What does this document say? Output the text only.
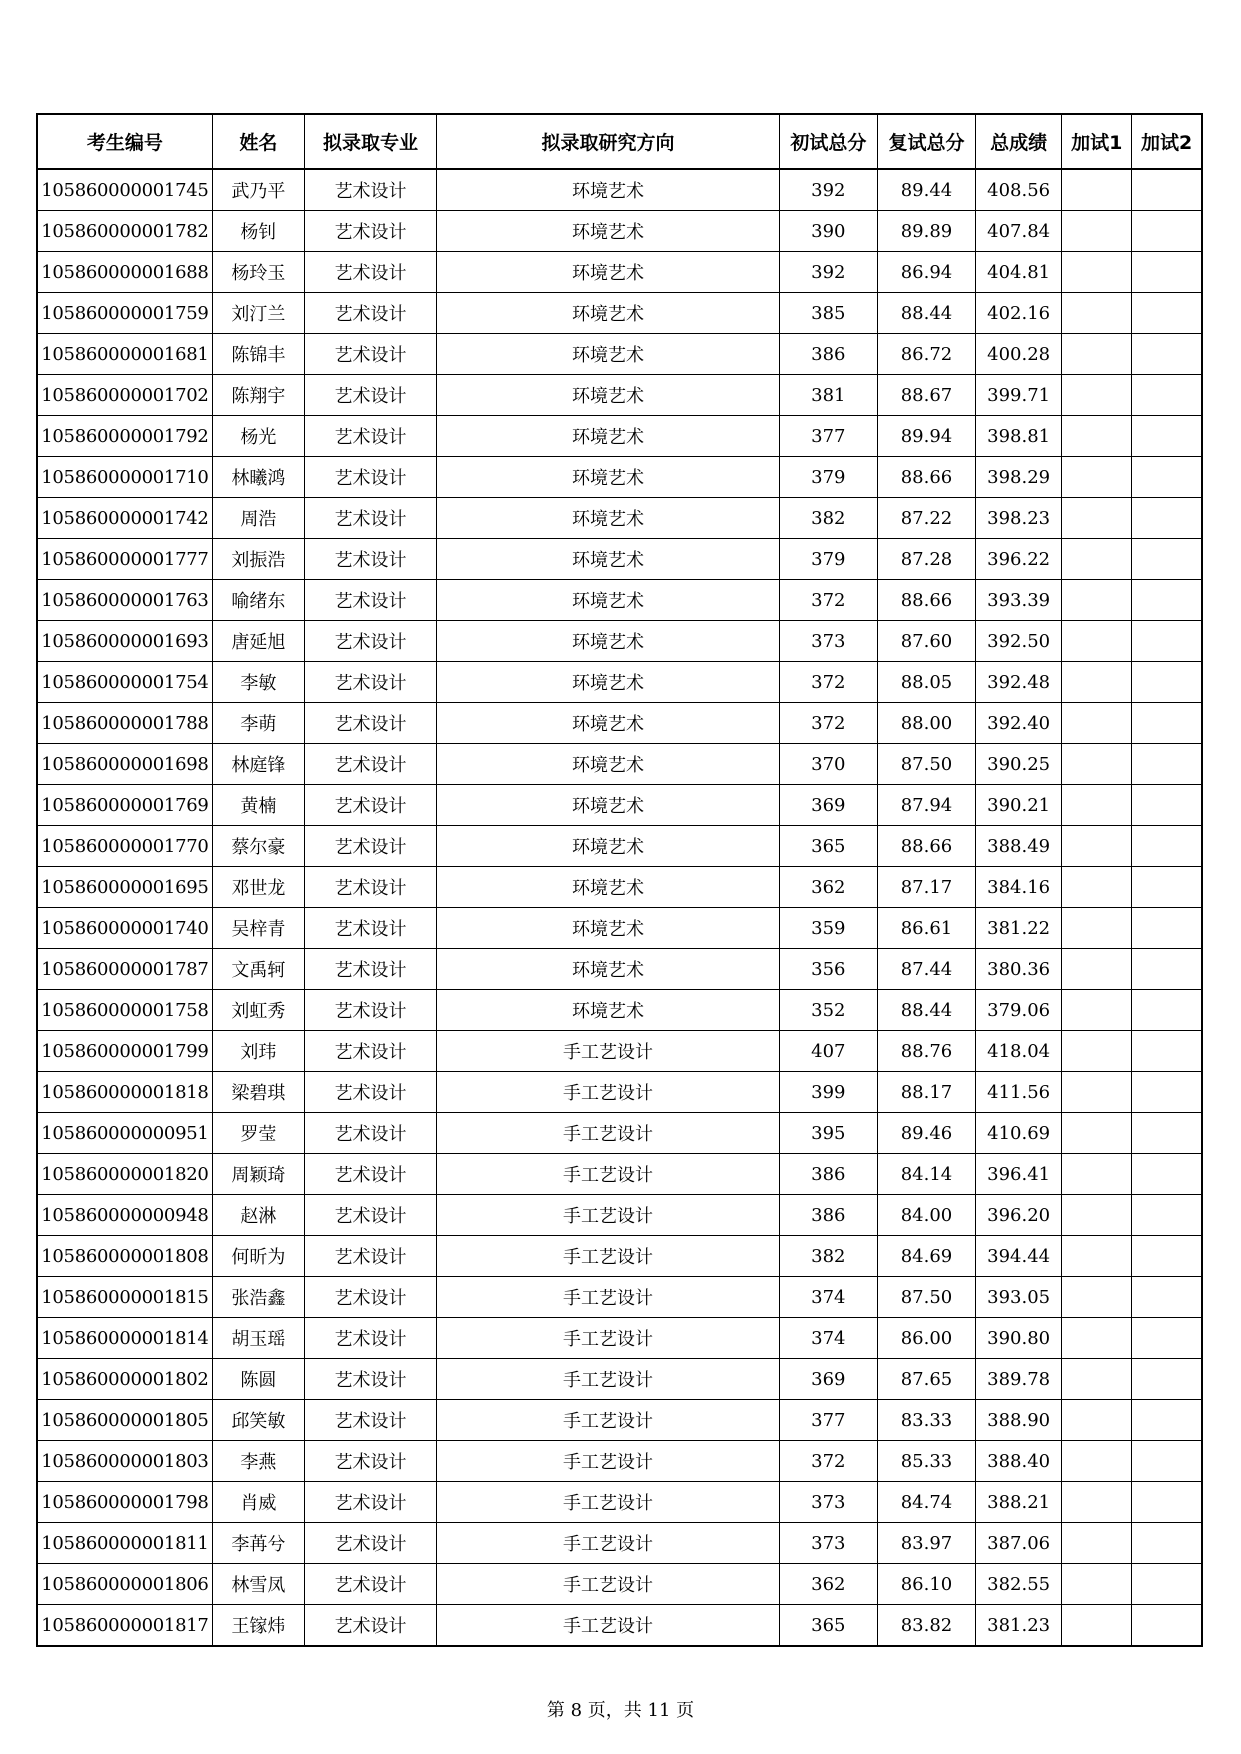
考生编号	姓名	拟录取专业	拟录取研究方向	初试总分	复试总分	总成绩	加试1	加试2
105860000001745	武乃平	艺术设计	环境艺术	392	89.44	408.56		
105860000001782	杨钊	艺术设计	环境艺术	390	89.89	407.84		
105860000001688	杨玲玉	艺术设计	环境艺术	392	86.94	404.81		
105860000001759	刘汀兰	艺术设计	环境艺术	385	88.44	402.16		
105860000001681	陈锦丰	艺术设计	环境艺术	386	86.72	400.28		
105860000001702	陈翔宇	艺术设计	环境艺术	381	88.67	399.71		
105860000001792	杨光	艺术设计	环境艺术	377	89.94	398.81		
105860000001710	林曦鸿	艺术设计	环境艺术	379	88.66	398.29		
105860000001742	周浩	艺术设计	环境艺术	382	87.22	398.23		
105860000001777	刘振浩	艺术设计	环境艺术	379	87.28	396.22		
105860000001763	喻绪东	艺术设计	环境艺术	372	88.66	393.39		
105860000001693	唐延旭	艺术设计	环境艺术	373	87.60	392.50		
105860000001754	李敏	艺术设计	环境艺术	372	88.05	392.48		
105860000001788	李萌	艺术设计	环境艺术	372	88.00	392.40		
105860000001698	林庭锋	艺术设计	环境艺术	370	87.50	390.25		
105860000001769	黄楠	艺术设计	环境艺术	369	87.94	390.21		
105860000001770	蔡尔豪	艺术设计	环境艺术	365	88.66	388.49		
105860000001695	邓世龙	艺术设计	环境艺术	362	87.17	384.16		
105860000001740	吴梓青	艺术设计	环境艺术	359	86.61	381.22		
105860000001787	文禹轲	艺术设计	环境艺术	356	87.44	380.36		
105860000001758	刘虹秀	艺术设计	环境艺术	352	88.44	379.06		
105860000001799	刘玮	艺术设计	手工艺设计	407	88.76	418.04		
105860000001818	梁碧琪	艺术设计	手工艺设计	399	88.17	411.56		
105860000000951	罗莹	艺术设计	手工艺设计	395	89.46	410.69		
105860000001820	周颖琦	艺术设计	手工艺设计	386	84.14	396.41		
105860000000948	赵淋	艺术设计	手工艺设计	386	84.00	396.20		
105860000001808	何昕为	艺术设计	手工艺设计	382	84.69	394.44		
105860000001815	张浩鑫	艺术设计	手工艺设计	374	87.50	393.05		
105860000001814	胡玉瑶	艺术设计	手工艺设计	374	86.00	390.80		
105860000001802	陈圆	艺术设计	手工艺设计	369	87.65	389.78		
105860000001805	邱笑敏	艺术设计	手工艺设计	377	83.33	388.90		
105860000001803	李燕	艺术设计	手工艺设计	372	85.33	388.40		
105860000001798	肖威	艺术设计	手工艺设计	373	84.74	388.21		
105860000001811	李苒兮	艺术设计	手工艺设计	373	83.97	387.06		
105860000001806	林雪凤	艺术设计	手工艺设计	362	86.10	382.55		
105860000001817	王镓炜	艺术设计	手工艺设计	365	83.82	381.23		
第 8 页，共 11 页
